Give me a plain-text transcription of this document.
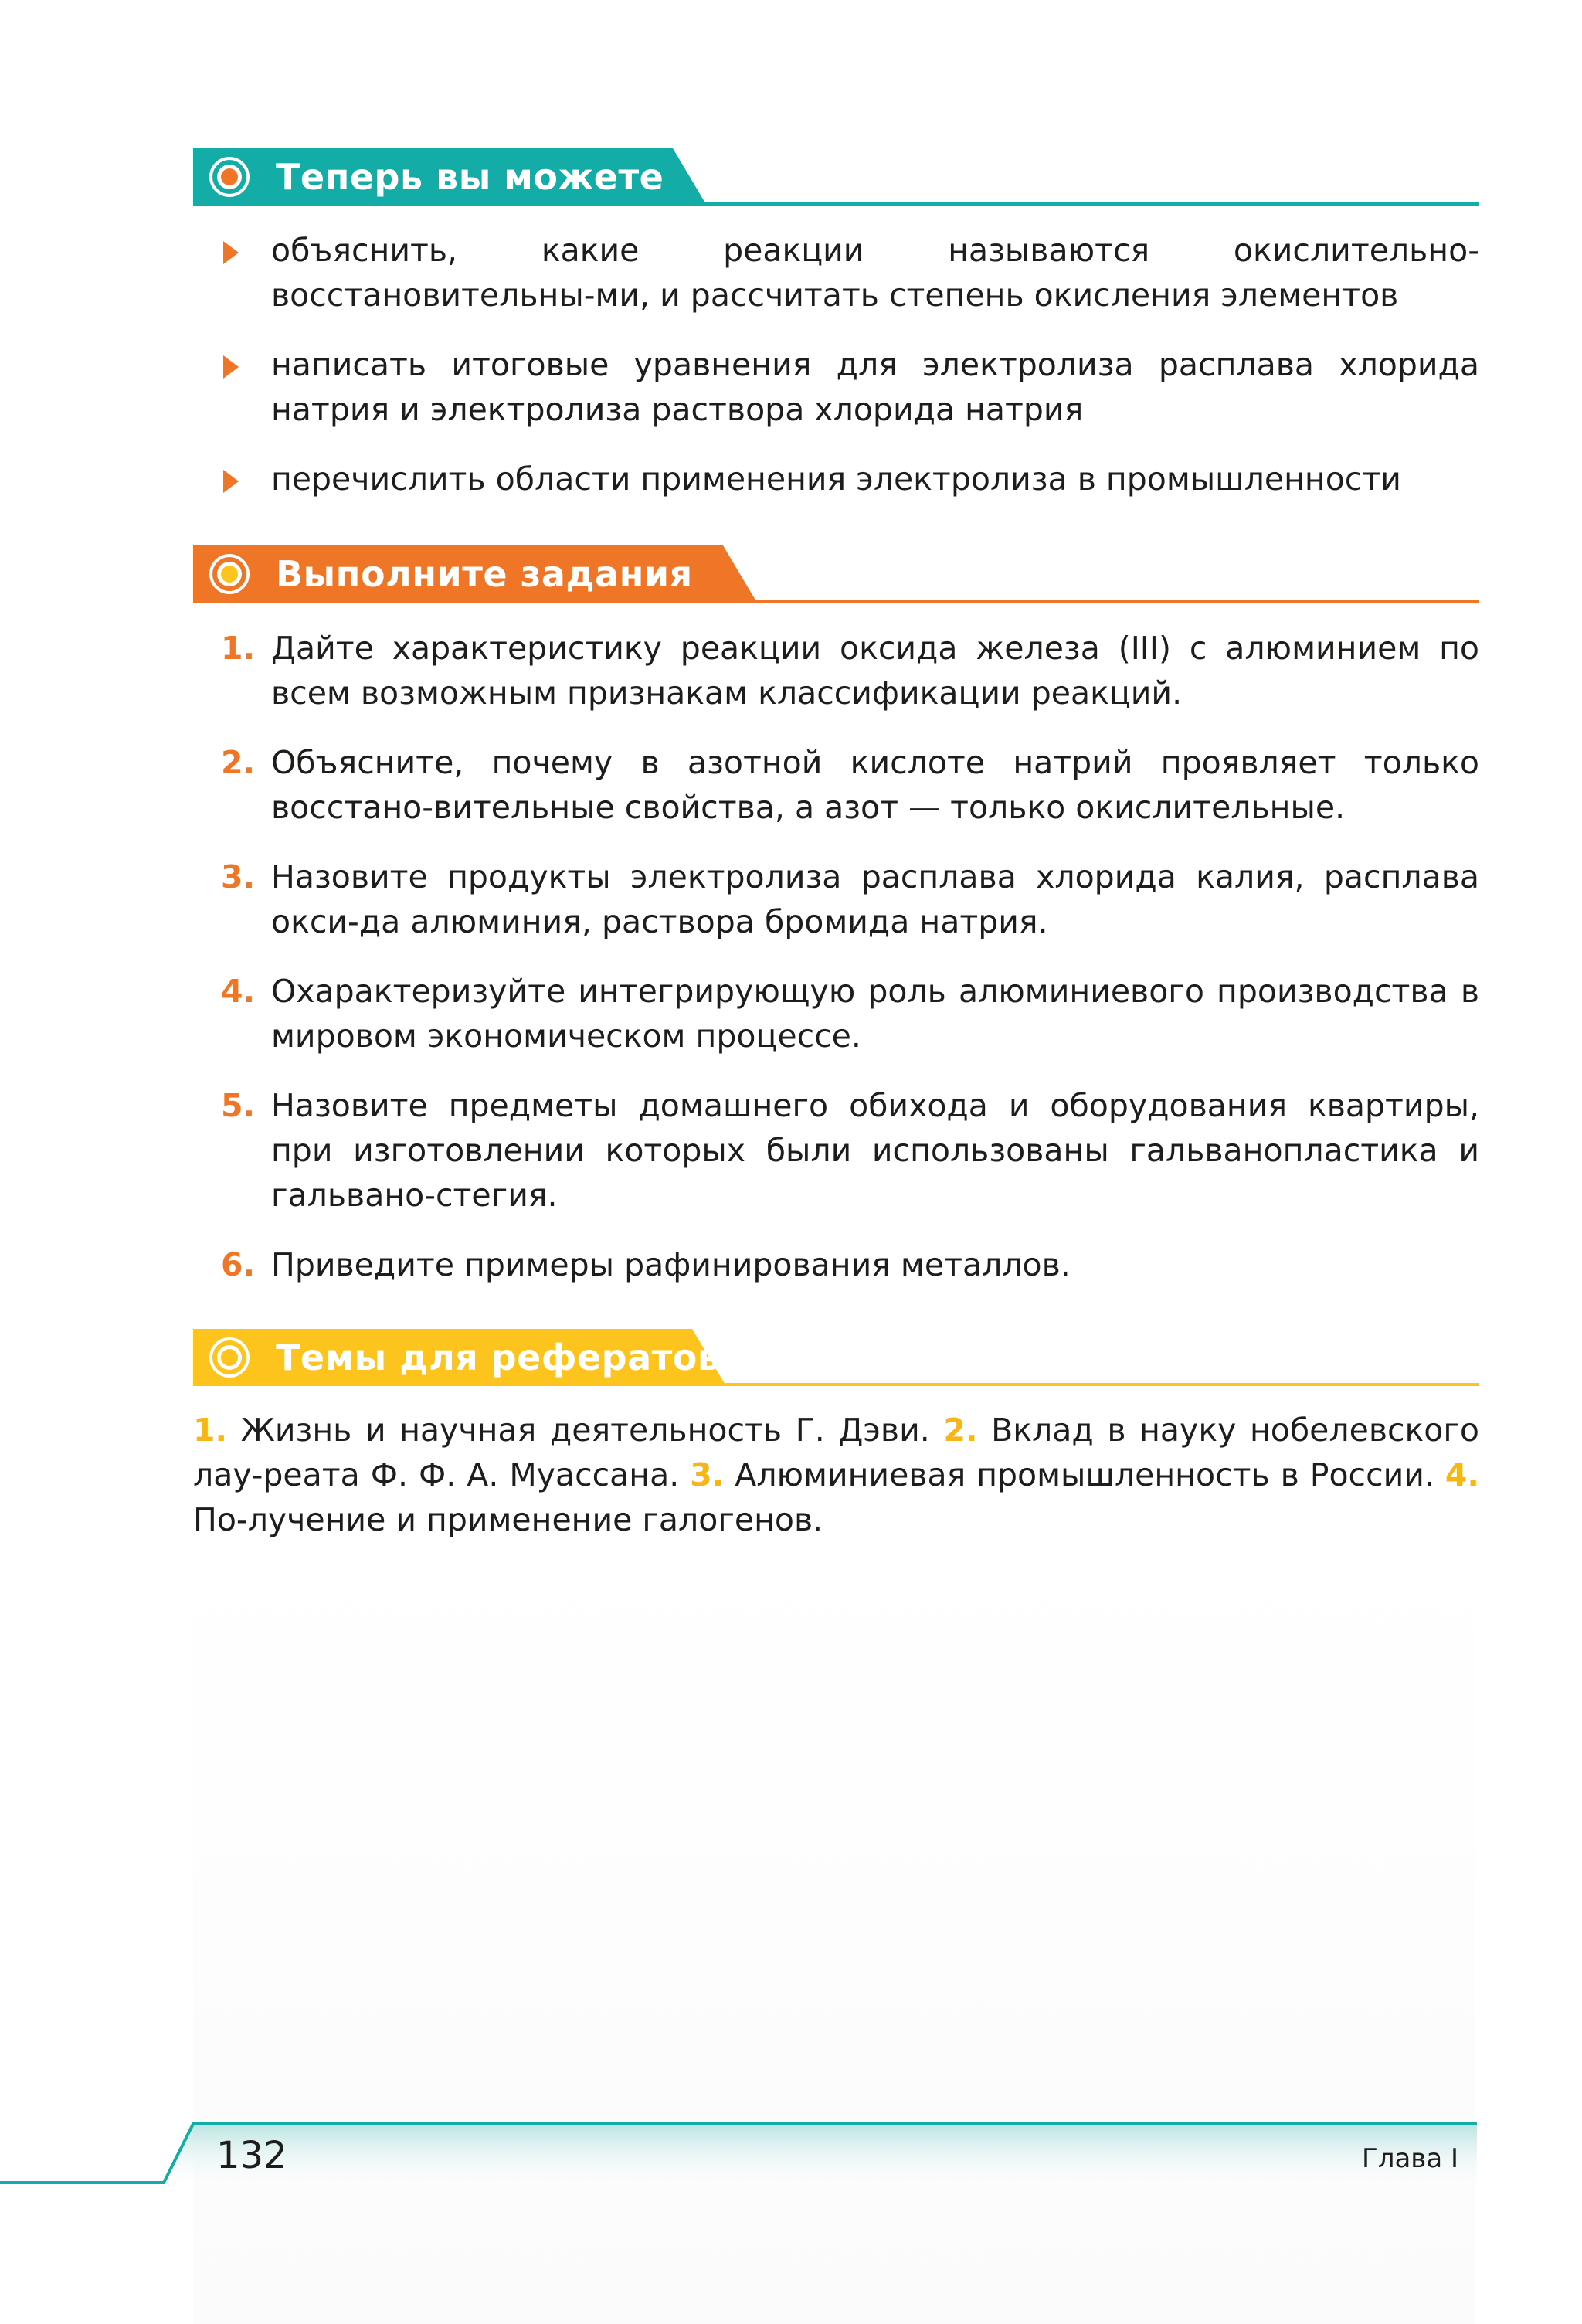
Теперь вы можете
объяснить, какие реакции называются окислительно-восстановительны-ми, и рассчитать степень окисления элементов
написать итоговые уравнения для электролиза расплава хлорида натрия и электролиза раствора хлорида натрия
перечислить области применения электролиза в промышленности
Выполните задания
1. Дайте характеристику реакции оксида железа (III) с алюминием по всем возможным признакам классификации реакций.
2. Объясните, почему в азотной кислоте натрий проявляет только восстано-вительные свойства, а азот — только окислительные.
3. Назовите продукты электролиза расплава хлорида калия, расплава окси-да алюминия, раствора бромида натрия.
4. Охарактеризуйте интегрирующую роль алюминиевого производства в мировом экономическом процессе.
5. Назовите предметы домашнего обихода и оборудования квартиры, при изготовлении которых были использованы гальванопластика и гальвано-стегия.
6. Приведите примеры рафинирования металлов.
Темы для рефератов

1. Жизнь и научная деятельность Г. Дэви. 2. Вклад в науку нобелевского лау-реата Ф. Ф. А. Муассана. 3. Алюминиевая промышленность в России. 4. По-лучение и применение галогенов.

132	Глава I
